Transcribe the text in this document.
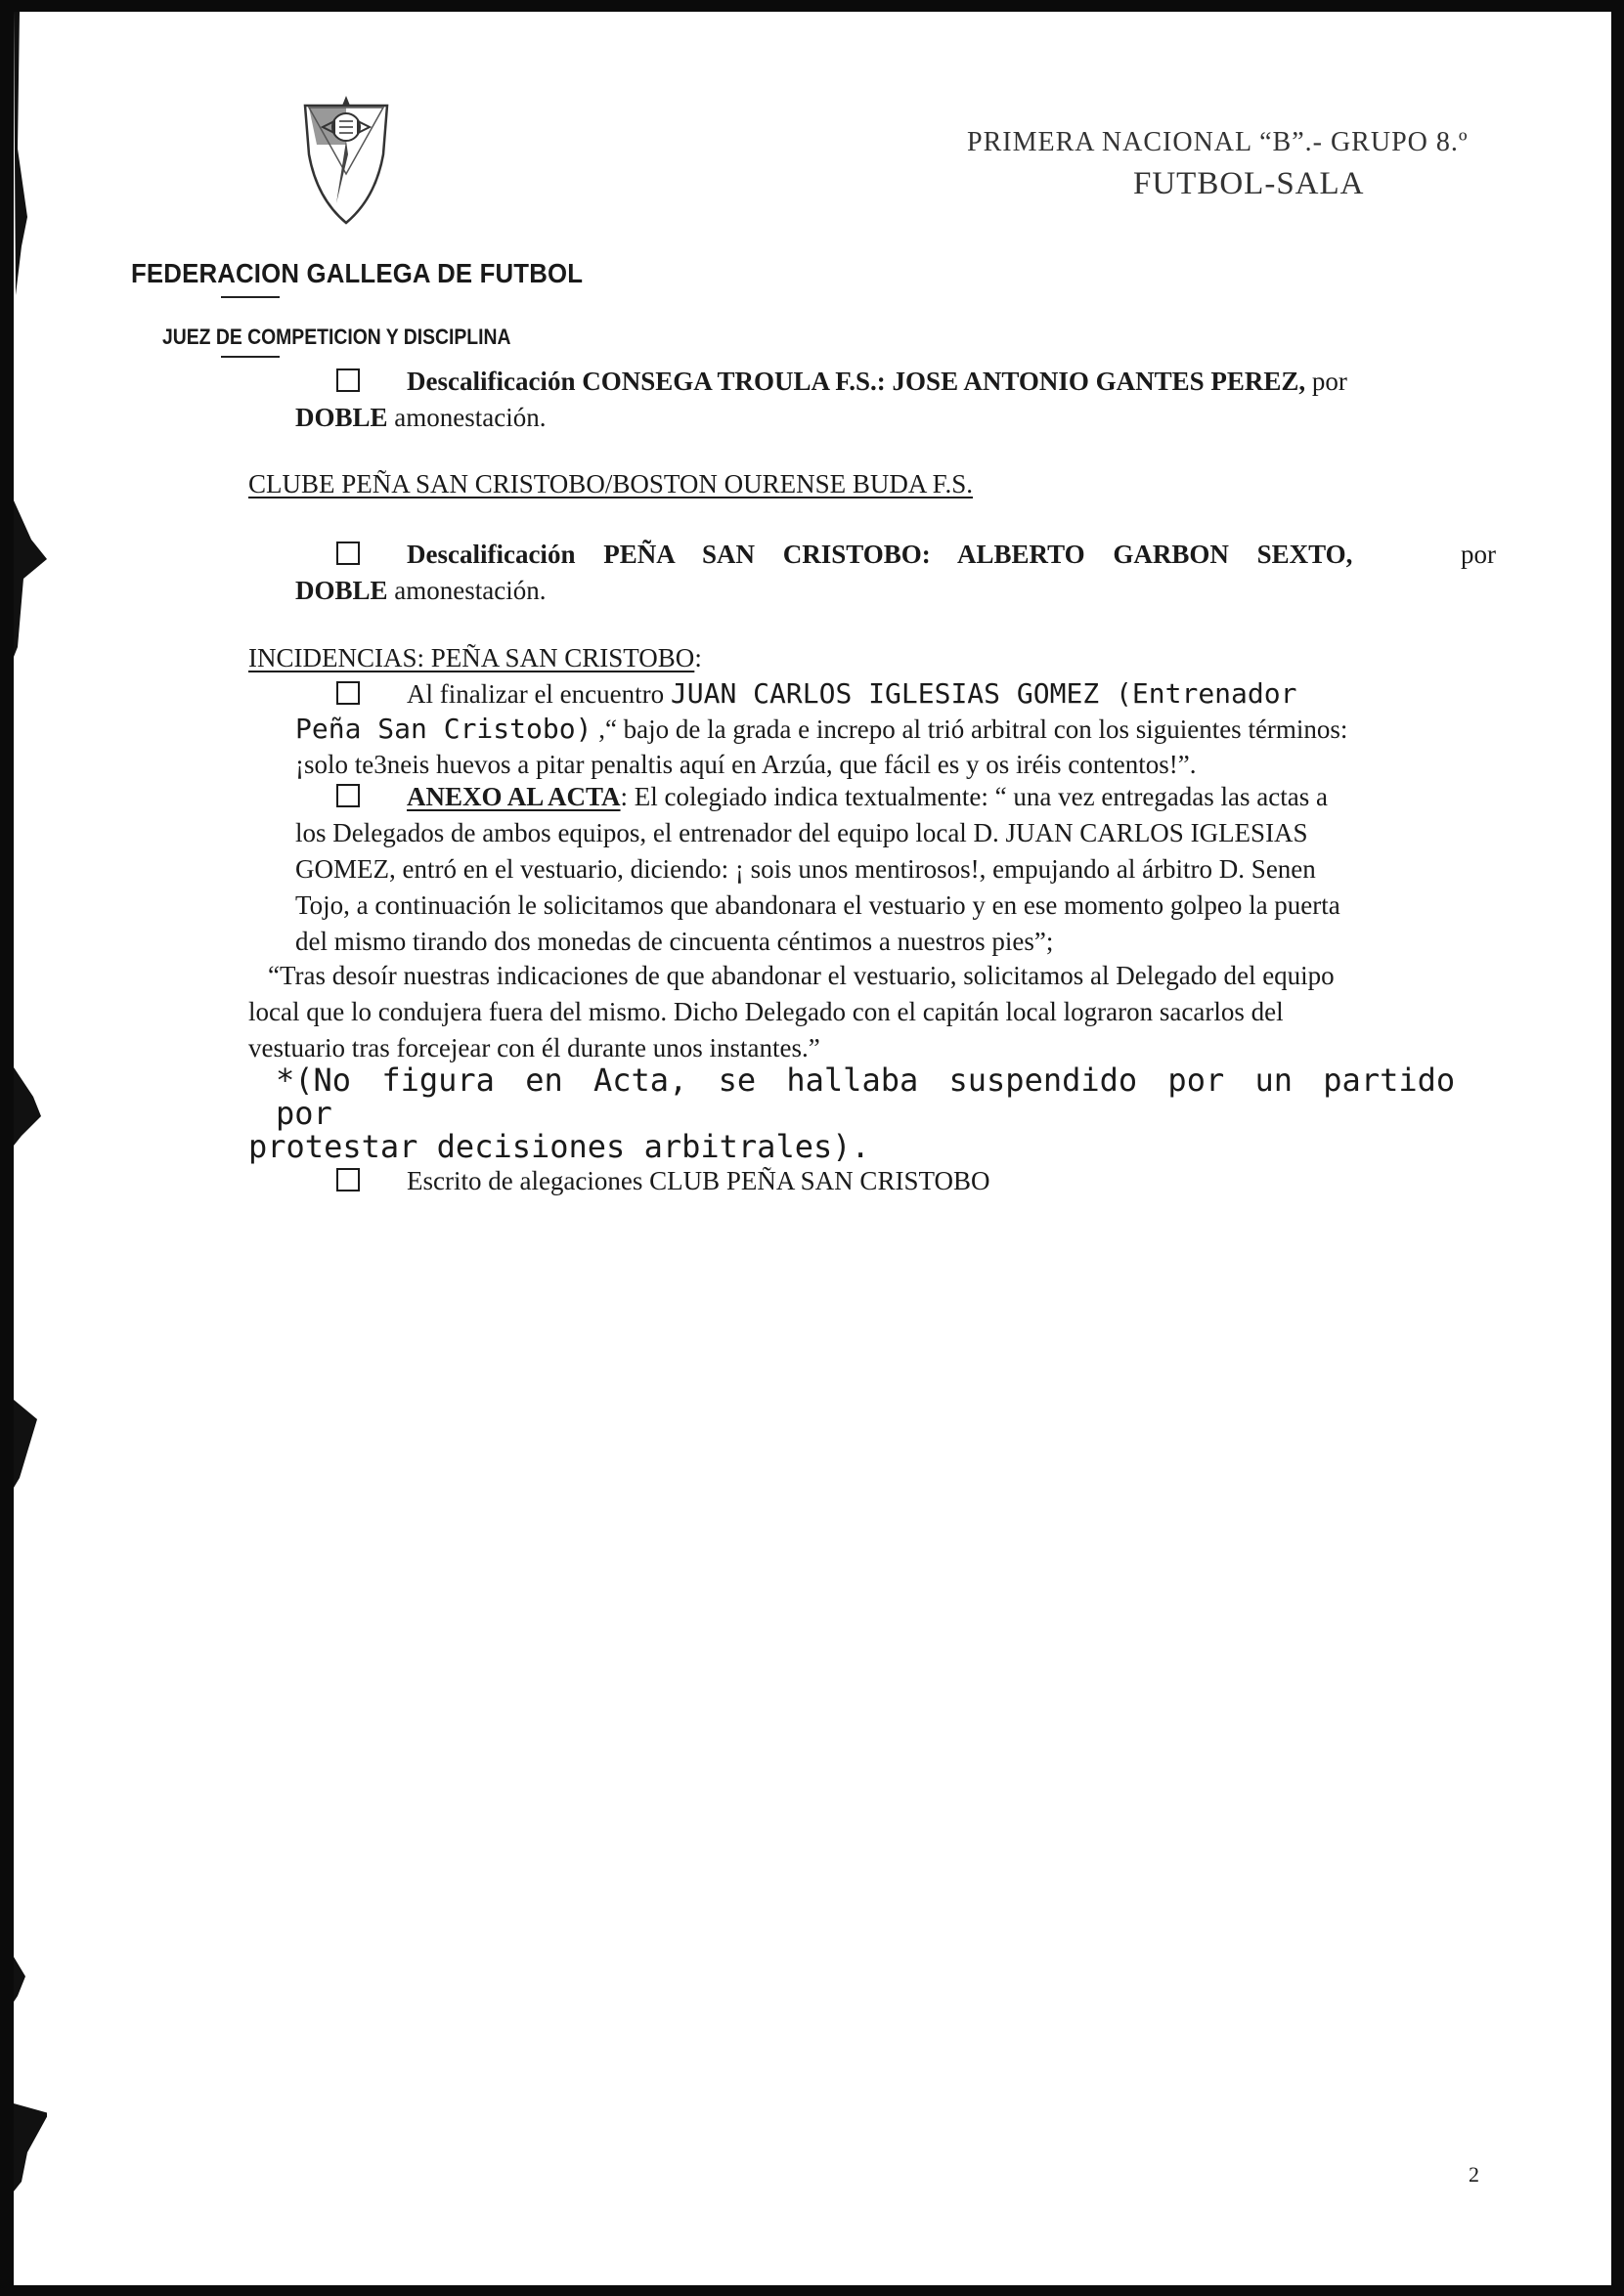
FEDERACION GALLEGA DE FUTBOL
JUEZ DE COMPETICION Y DISCIPLINA
PRIMERA NACIONAL “B”.- GRUPO 8.º
FUTBOL-SALA
Descalificación CONSEGA TROULA F.S.: JOSE ANTONIO GANTES PEREZ, por
DOBLE amonestación.
CLUBE PEÑA SAN CRISTOBO/BOSTON OURENSE BUDA F.S.
Descalificación PEÑA SAN CRISTOBO: ALBERTO GARBON SEXTO,	por
DOBLE amonestación.
INCIDENCIAS: PEÑA SAN CRISTOBO:
Al finalizar el encuentro JUAN CARLOS IGLESIAS GOMEZ (Entrenador
Peña San Cristobo) ,“ bajo de la grada e increpo al trió arbitral con los siguientes términos:
¡solo te3neis huevos a pitar penaltis aquí en Arzúa, que fácil es y os iréis contentos!”.
ANEXO AL ACTA: El colegiado indica textualmente: “ una vez entregadas las actas a
los Delegados de ambos equipos, el entrenador del equipo local D. JUAN CARLOS IGLESIAS
GOMEZ, entró en el vestuario, diciendo: ¡ sois unos mentirosos!, empujando al árbitro D. Senen
Tojo, a continuación le solicitamos que abandonara el vestuario y en ese momento golpeo la puerta
del mismo tirando dos monedas de cincuenta céntimos a nuestros pies”;
“Tras desoír nuestras indicaciones de que abandonar el vestuario, solicitamos al Delegado del equipo
local que lo condujera fuera del mismo. Dicho Delegado con el capitán local lograron sacarlos del
vestuario tras forcejear con él durante unos instantes.”
*(No figura en Acta, se hallaba suspendido por un partido por
protestar decisiones arbitrales).
Escrito de alegaciones CLUB PEÑA SAN CRISTOBO
2
